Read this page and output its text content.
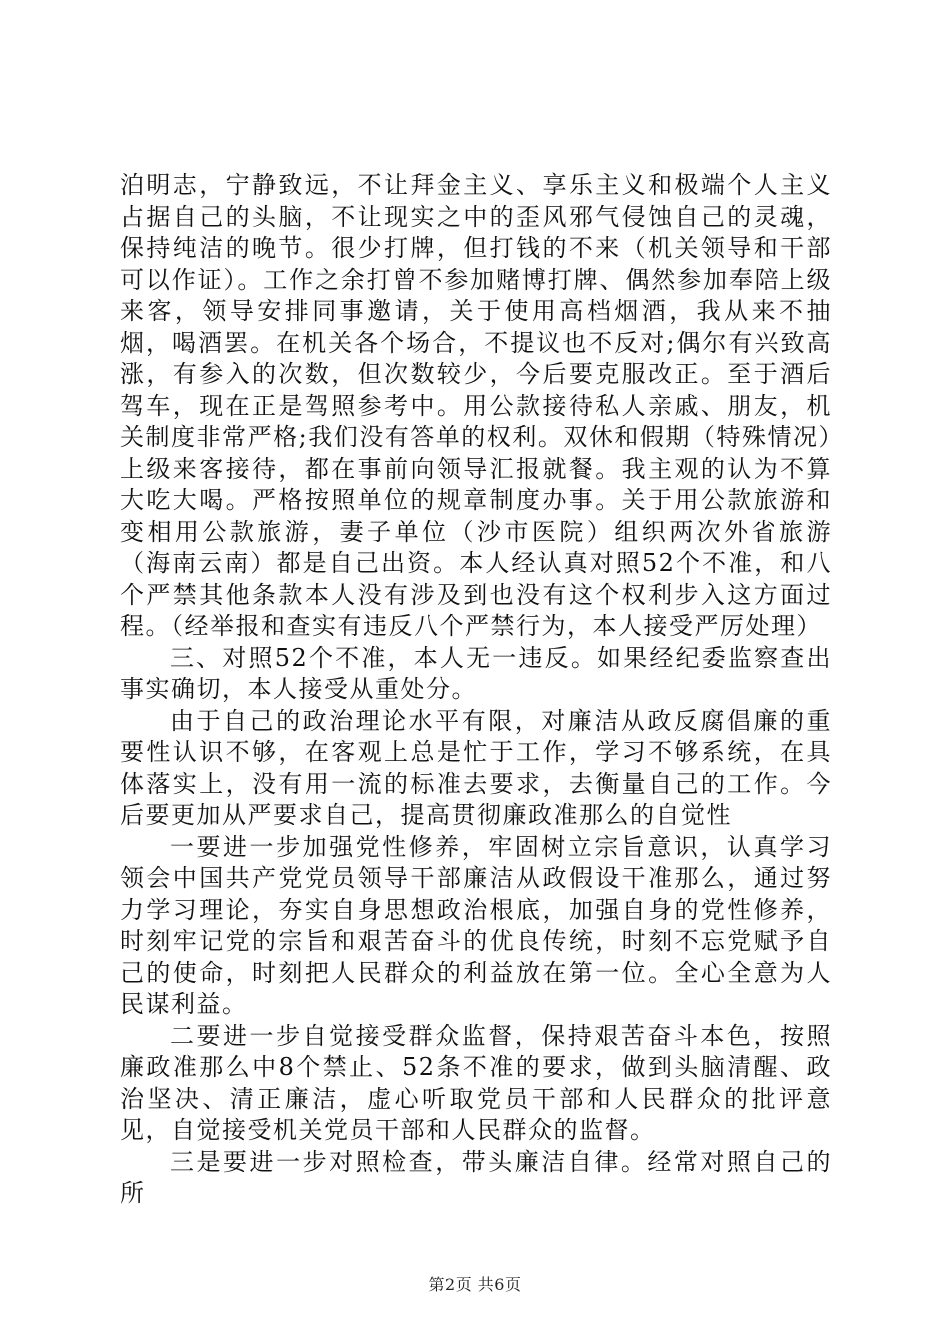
泊明志，宁静致远，不让拜金主义、享乐主义和极端个人主义占据自己的头脑，不让现实之中的歪风邪气侵蚀自己的灵魂，保持纯洁的晚节。很少打牌，但打钱的不来（机关领导和干部可以作证）。工作之余打曾不参加赌博打牌、偶然参加奉陪上级来客，领导安排同事邀请，关于使用高档烟酒，我从来不抽烟，喝酒罢。在机关各个场合，不提议也不反对;偶尔有兴致高涨，有参入的次数，但次数较少，今后要克服改正。至于酒后驾车，现在正是驾照参考中。用公款接待私人亲戚、朋友，机关制度非常严格;我们没有答单的权利。双休和假期（特殊情况）上级来客接待，都在事前向领导汇报就餐。我主观的认为不算大吃大喝。严格按照单位的规章制度办事。关于用公款旅游和变相用公款旅游，妻子单位（沙市医院）组织两次外省旅游（海南云南）都是自己出资。本人经认真对照52个不准，和八个严禁其他条款本人没有涉及到也没有这个权利步入这方面过程。（经举报和查实有违反八个严禁行为，本人接受严厉处理）

三、对照52个不准，本人无一违反。如果经纪委监察查出事实确切，本人接受从重处分。

由于自己的政治理论水平有限，对廉洁从政反腐倡廉的重要性认识不够，在客观上总是忙于工作，学习不够系统，在具体落实上，没有用一流的标准去要求，去衡量自己的工作。今后要更加从严要求自己，提高贯彻廉政准那么的自觉性

一要进一步加强党性修养，牢固树立宗旨意识，认真学习领会中国共产党党员领导干部廉洁从政假设干准那么，通过努力学习理论，夯实自身思想政治根底，加强自身的党性修养，时刻牢记党的宗旨和艰苦奋斗的优良传统，时刻不忘党赋予自己的使命，时刻把人民群众的利益放在第一位。全心全意为人民谋利益。

二要进一步自觉接受群众监督，保持艰苦奋斗本色，按照廉政准那么中8个禁止、52条不准的要求，做到头脑清醒、政治坚决、清正廉洁，虚心听取党员干部和人民群众的批评意见，自觉接受机关党员干部和人民群众的监督。

三是要进一步对照检查，带头廉洁自律。经常对照自己的所

第2页 共6页
